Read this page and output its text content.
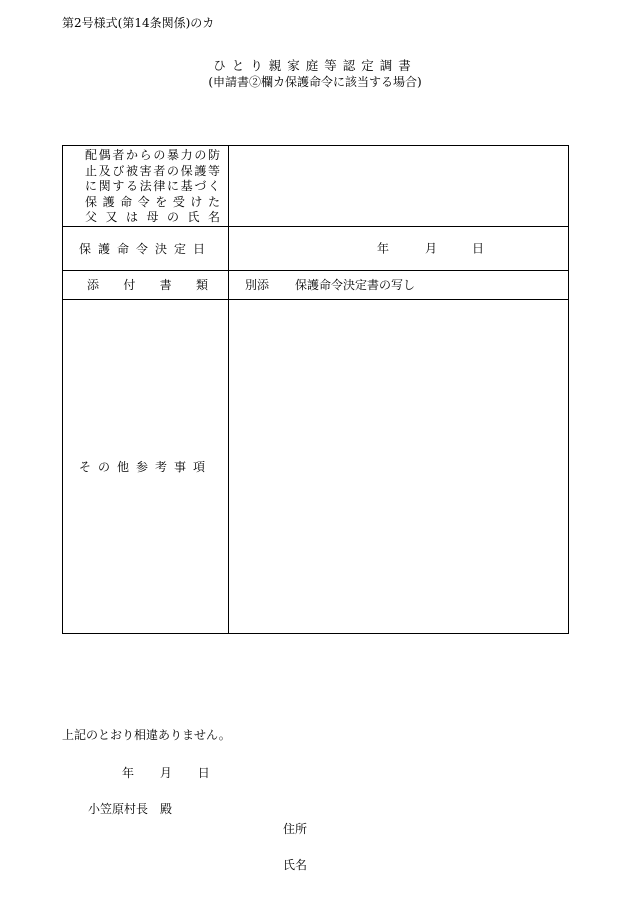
第2号様式(第14条関係)のカ
ひとり親家庭等認定調書
(申請書②欄カ保護命令に該当する場合)
配偶者からの暴力の防
止及び被害者の保護等
に関する法律に基づく
保護命令を受けた
父又は母の氏名	

保護命令決定日	年 月 日

添 付 書 類	別添 保護命令決定書の写し
その他参考事項	
上記のとおり相違ありません。
年 月 日
小笠原村長　殿
住所
氏名
